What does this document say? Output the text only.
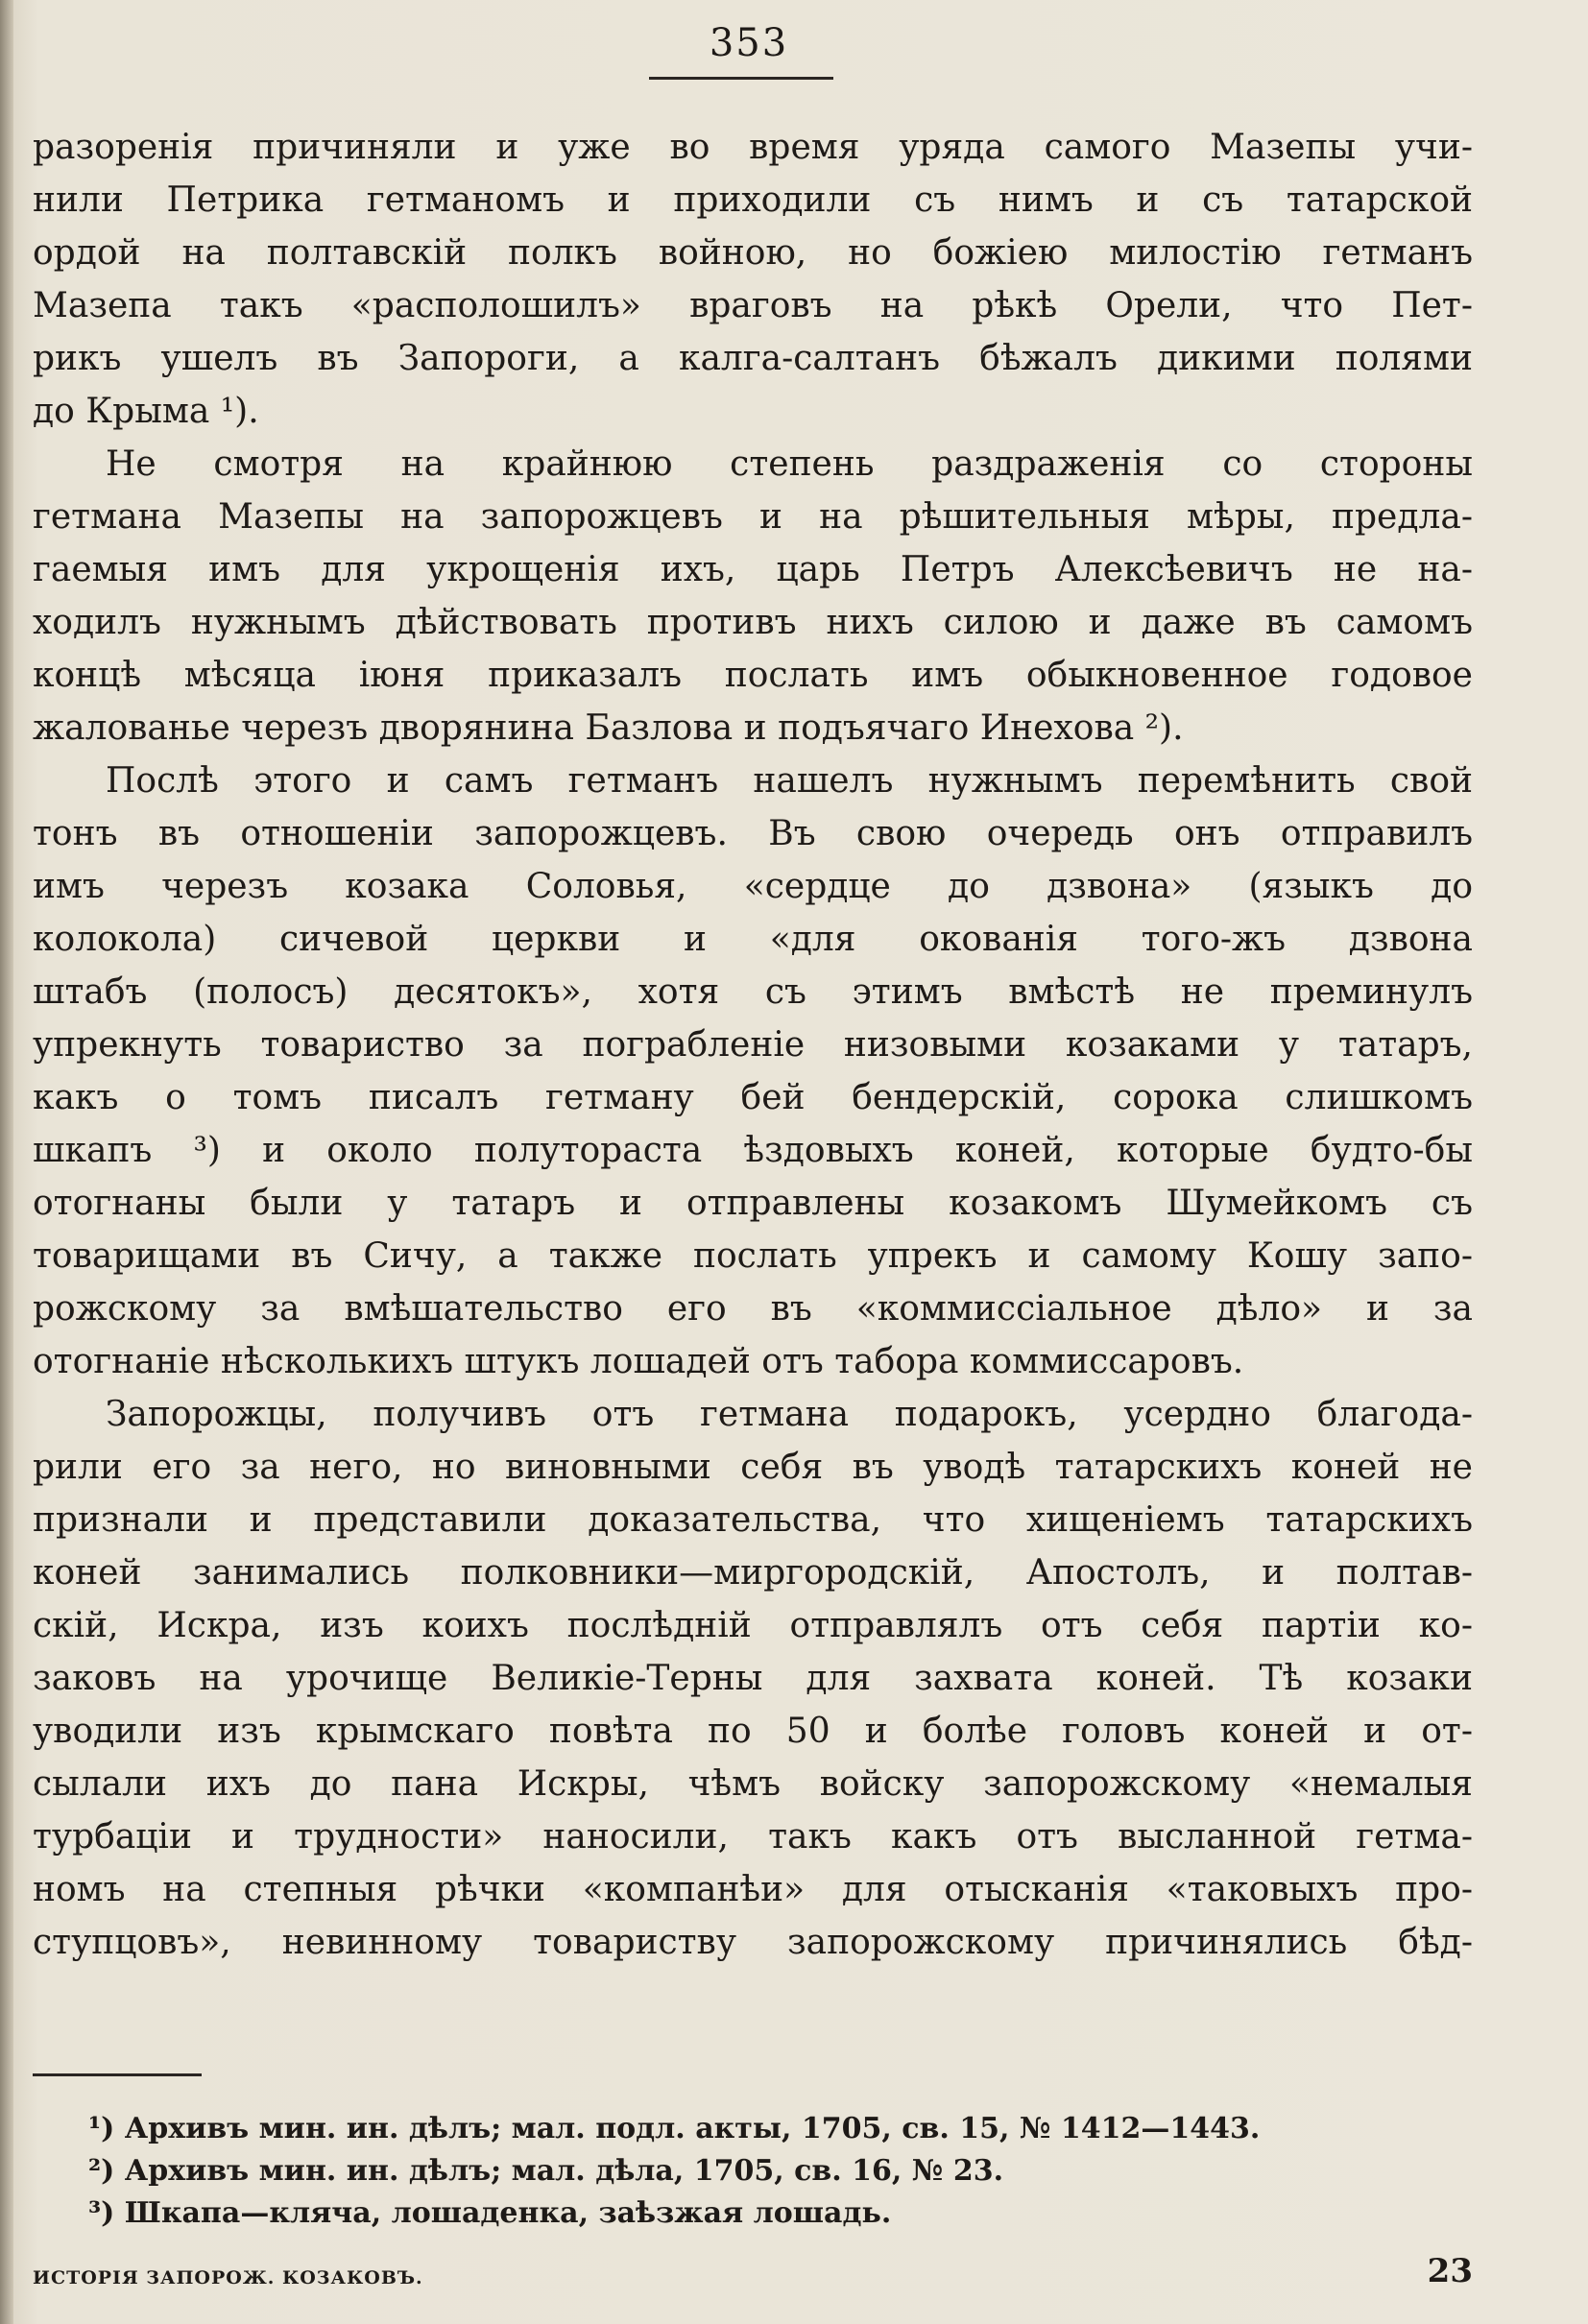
353
разоренія причиняли и уже во время уряда самого Мазепы учи-
нили Петрика гетманомъ и приходили съ нимъ и съ татарской
ордой на полтавскій полкъ войною, но божіею милостію гетманъ
Мазепа такъ «располошилъ» враговъ на рѣкѣ Орели, что Пет-
рикъ ушелъ въ Запороги, а калга-салтанъ бѣжалъ дикими полями
до Крыма ¹).
Не смотря на крайнюю степень раздраженія со стороны
гетмана Мазепы на запорожцевъ и на рѣшительныя мѣры, предла-
гаемыя имъ для укрощенія ихъ, царь Петръ Алексѣевичъ не на-
ходилъ нужнымъ дѣйствовать противъ нихъ силою и даже въ самомъ
концѣ мѣсяца іюня приказалъ послать имъ обыкновенное годовое
жалованье черезъ дворянина Базлова и подъячаго Инехова ²).
Послѣ этого и самъ гетманъ нашелъ нужнымъ перемѣнить свой
тонъ въ отношеніи запорожцевъ. Въ свою очередь онъ отправилъ
имъ черезъ козака Соловья, «сердце до дзвона» (языкъ до
колокола) сичевой церкви и «для окованія того-жъ дзвона
штабъ (полосъ) десятокъ», хотя съ этимъ вмѣстѣ не преминулъ
упрекнуть товариство за пограбленіе низовыми козаками у татаръ,
какъ о томъ писалъ гетману бей бендерскій, сорока слишкомъ
шкапъ ³) и около полутораста ѣздовыхъ коней, которые будто-бы
отогнаны были у татаръ и отправлены козакомъ Шумейкомъ съ
товарищами въ Сичу, а также послать упрекъ и самому Кошу запо-
рожскому за вмѣшательство его въ «коммиссіальное дѣло» и за
отогнаніе нѣсколькихъ штукъ лошадей отъ табора коммиссаровъ.
Запорожцы, получивъ отъ гетмана подарокъ, усердно благода-
рили его за него, но виновными себя въ уводѣ татарскихъ коней не
признали и представили доказательства, что хищеніемъ татарскихъ
коней занимались полковники—миргородскій, Апостолъ, и полтав-
скій, Искра, изъ коихъ послѣдній отправлялъ отъ себя партіи ко-
заковъ на урочище Великіе-Терны для захвата коней. Тѣ козаки
уводили изъ крымскаго повѣта по 50 и болѣе головъ коней и от-
сылали ихъ до пана Искры, чѣмъ войску запорожскому «немалыя
турбаціи и трудности» наносили, такъ какъ отъ высланной гетма-
номъ на степныя рѣчки «компанѣи» для отысканія «таковыхъ про-
ступцовъ», невинному товариству запорожскому причинялись бѣд-
¹) Архивъ мин. ин. дѣлъ; мал. подл. акты, 1705, св. 15, № 1412—1443.
²) Архивъ мин. ин. дѣлъ; мал. дѣла, 1705, св. 16, № 23.
³) Шкапа—кляча, лошаденка, заѣзжая лошадь.
ИСТОРІЯ ЗАПОРОЖ. КОЗАКОВЪ.	23
